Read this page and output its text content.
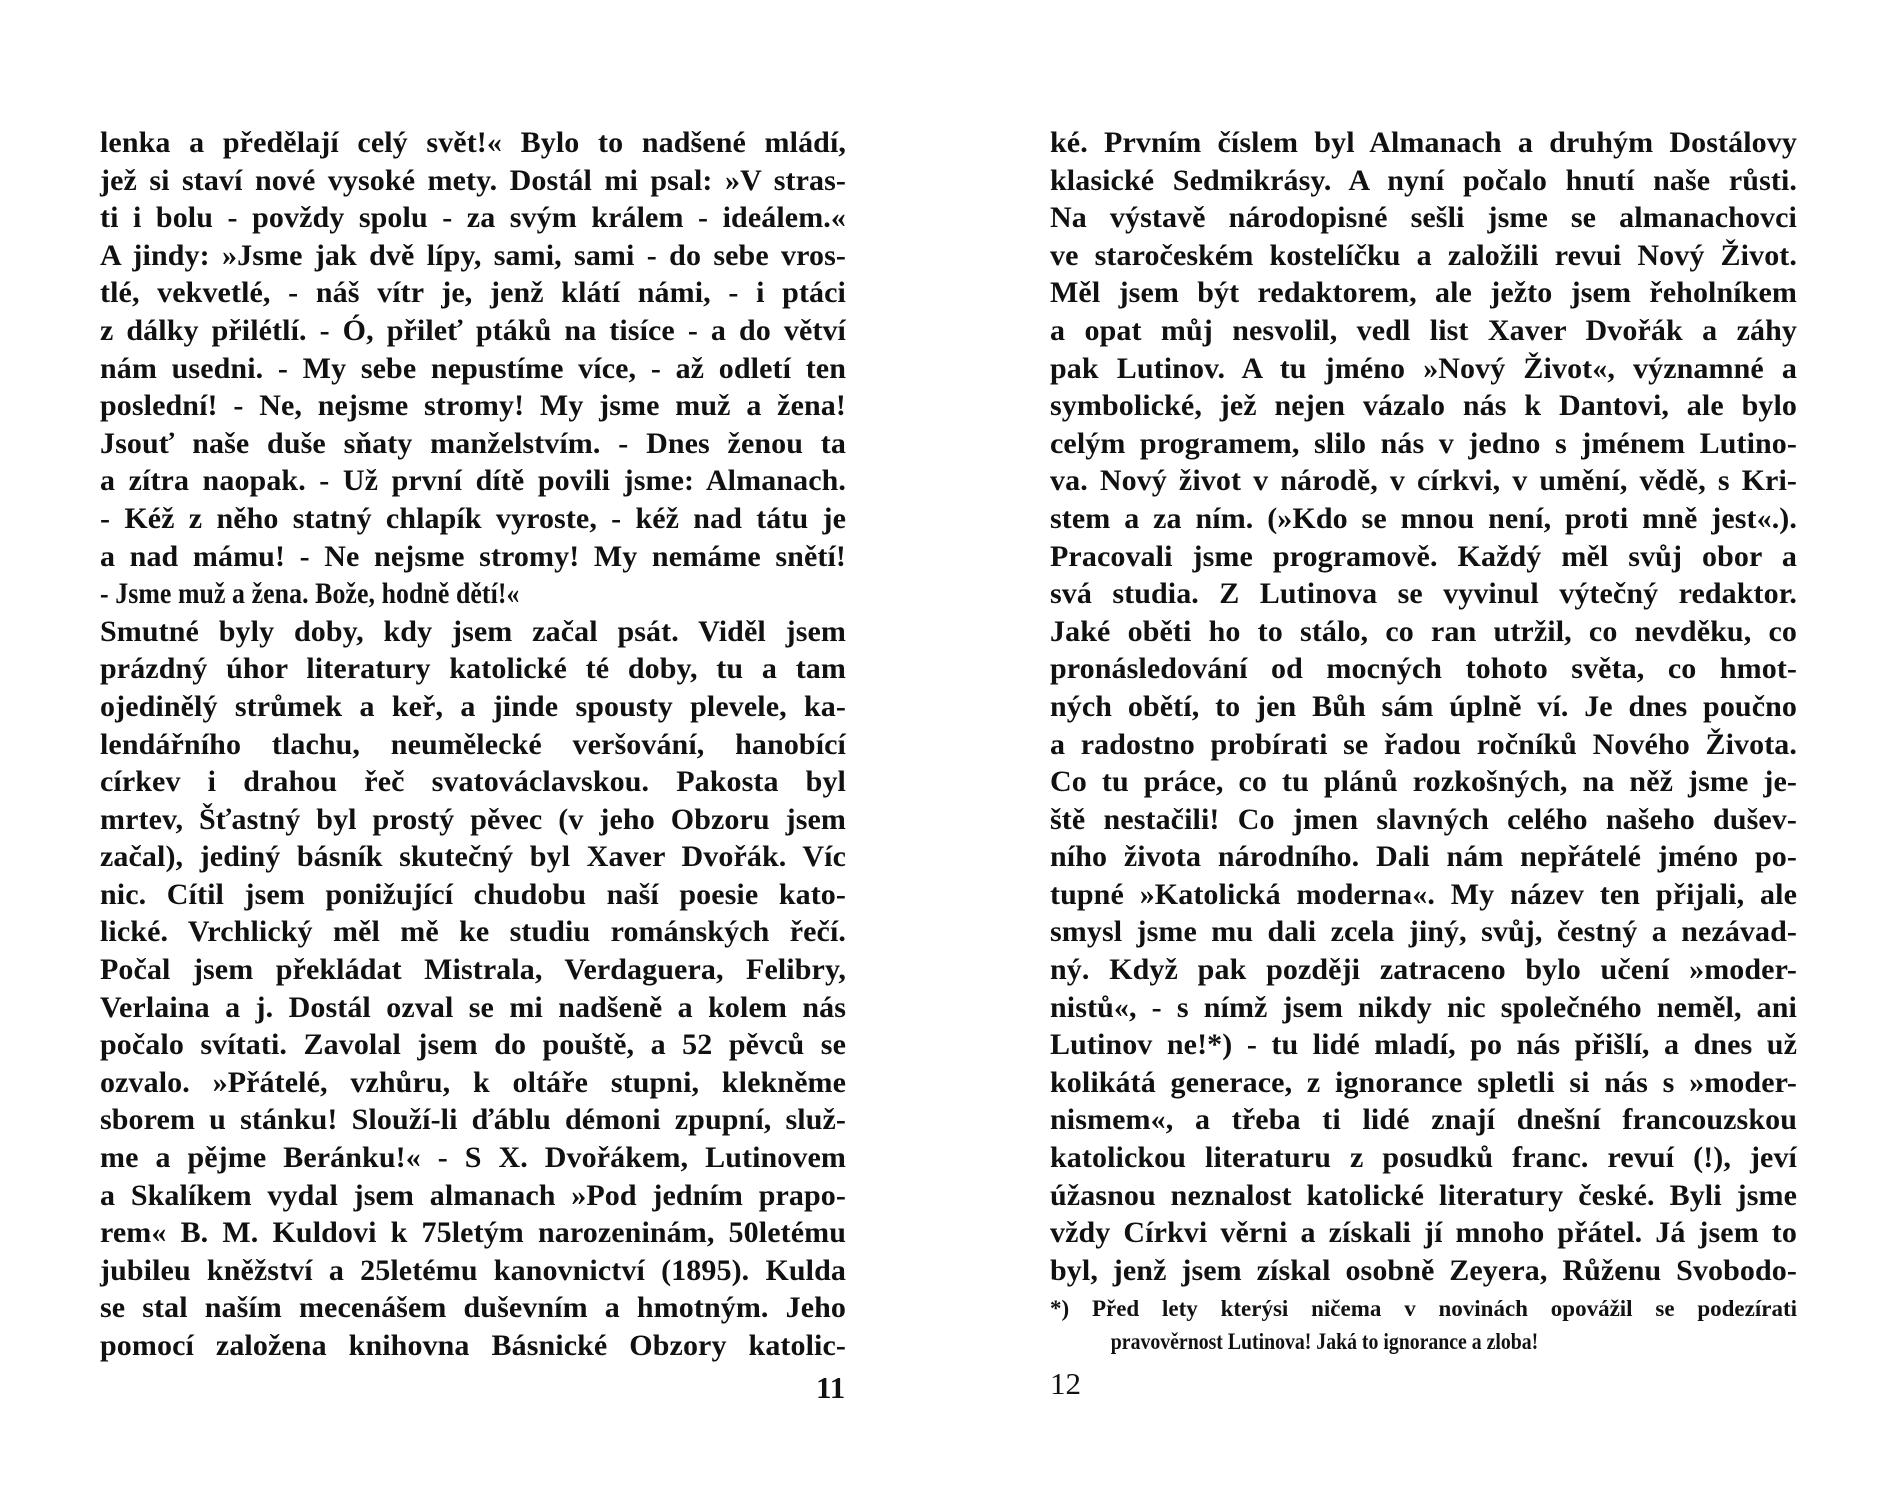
lenka a předělají celý svět!« Bylo to nadšené mládí,
jež si staví nové vysoké mety. Dostál mi psal: »V stras-
ti i bolu - povždy spolu - za svým králem - ideálem.«
A jindy: »Jsme jak dvě lípy, sami, sami - do sebe vros-
tlé, vekvetlé, - náš vítr je, jenž klátí námi, - i ptáci
z dálky přilétlí. - Ó, přileť ptáků na tisíce - a do větví
nám usedni. - My sebe nepustíme více, - až odletí ten
poslední! - Ne, nejsme stromy! My jsme muž a žena!
Jsouť naše duše sňaty manželstvím. - Dnes ženou ta
a zítra naopak. - Už první dítě povili jsme: Almanach.
- Kéž z něho statný chlapík vyroste, - kéž nad tátu je
a nad mámu! - Ne nejsme stromy! My nemáme snětí!
- Jsme muž a žena. Bože, hodně dětí!«
Smutné byly doby, kdy jsem začal psát. Viděl jsem
prázdný úhor literatury katolické té doby, tu a tam
ojedinělý strůmek a keř, a jinde spousty plevele, ka-
lendářního tlachu, neumělecké veršování, hanobící
církev i drahou řeč svatováclavskou. Pakosta byl
mrtev, Šťastný byl prostý pěvec (v jeho Obzoru jsem
začal), jediný básník skutečný byl Xaver Dvořák. Víc
nic. Cítil jsem ponižující chudobu naší poesie kato-
lické. Vrchlický měl mě ke studiu románských řečí.
Počal jsem překládat Mistrala, Verdaguera, Felibry,
Verlaina a j. Dostál ozval se mi nadšeně a kolem nás
počalo svítati. Zavolal jsem do pouště, a 52 pěvců se
ozvalo. »Přátelé, vzhůru, k oltáře stupni, klekněme
sborem u stánku! Slouží-li ďáblu démoni zpupní, služ-
me a pějme Beránku!« - S X. Dvořákem, Lutinovem
a Skalíkem vydal jsem almanach »Pod jedním prapo-
rem« B. M. Kuldovi k 75letým narozeninám, 50letému
jubileu kněžství a 25letému kanovnictví (1895). Kulda
se stal naším mecenášem duševním a hmotným. Jeho
pomocí založena knihovna Básnické Obzory katolic-
11
ké. Prvním číslem byl Almanach a druhým Dostálovy
klasické Sedmikrásy. A nyní počalo hnutí naše růsti.
Na výstavě národopisné sešli jsme se almanachovci
ve staročeském kostelíčku a založili revui Nový Život.
Měl jsem být redaktorem, ale ježto jsem řeholníkem
a opat můj nesvolil, vedl list Xaver Dvořák a záhy
pak Lutinov. A tu jméno »Nový Život«, významné a
symbolické, jež nejen vázalo nás k Dantovi, ale bylo
celým programem, slilo nás v jedno s jménem Lutino-
va. Nový život v národě, v církvi, v umění, vědě, s Kri-
stem a za ním. (»Kdo se mnou není, proti mně jest«.).
Pracovali jsme programově. Každý měl svůj obor a
svá studia. Z Lutinova se vyvinul výtečný redaktor.
Jaké oběti ho to stálo, co ran utržil, co nevděku, co
pronásledování od mocných tohoto světa, co hmot-
ných obětí, to jen Bůh sám úplně ví. Je dnes poučno
a radostno probírati se řadou ročníků Nového Života.
Co tu práce, co tu plánů rozkošných, na něž jsme je-
ště nestačili! Co jmen slavných celého našeho dušev-
ního života národního. Dali nám nepřátelé jméno po-
tupné »Katolická moderna«. My název ten přijali, ale
smysl jsme mu dali zcela jiný, svůj, čestný a nezávad-
ný. Když pak později zatraceno bylo učení »moder-
nistů«, - s nímž jsem nikdy nic společného neměl, ani
Lutinov ne!*) - tu lidé mladí, po nás přišlí, a dnes už
kolikátá generace, z ignorance spletli si nás s »moder-
nismem«, a třeba ti lidé znají dnešní francouzskou
katolickou literaturu z posudků franc. revuí (!), jeví
úžasnou neznalost katolické literatury české. Byli jsme
vždy Církvi věrni a získali jí mnoho přátel. Já jsem to
byl, jenž jsem získal osobně Zeyera, Růženu Svobodo-
*) Před lety kterýsi ničema v novinách opovážil se podezírati
pravověrnost Lutinova! Jaká to ignorance a zloba!
12
